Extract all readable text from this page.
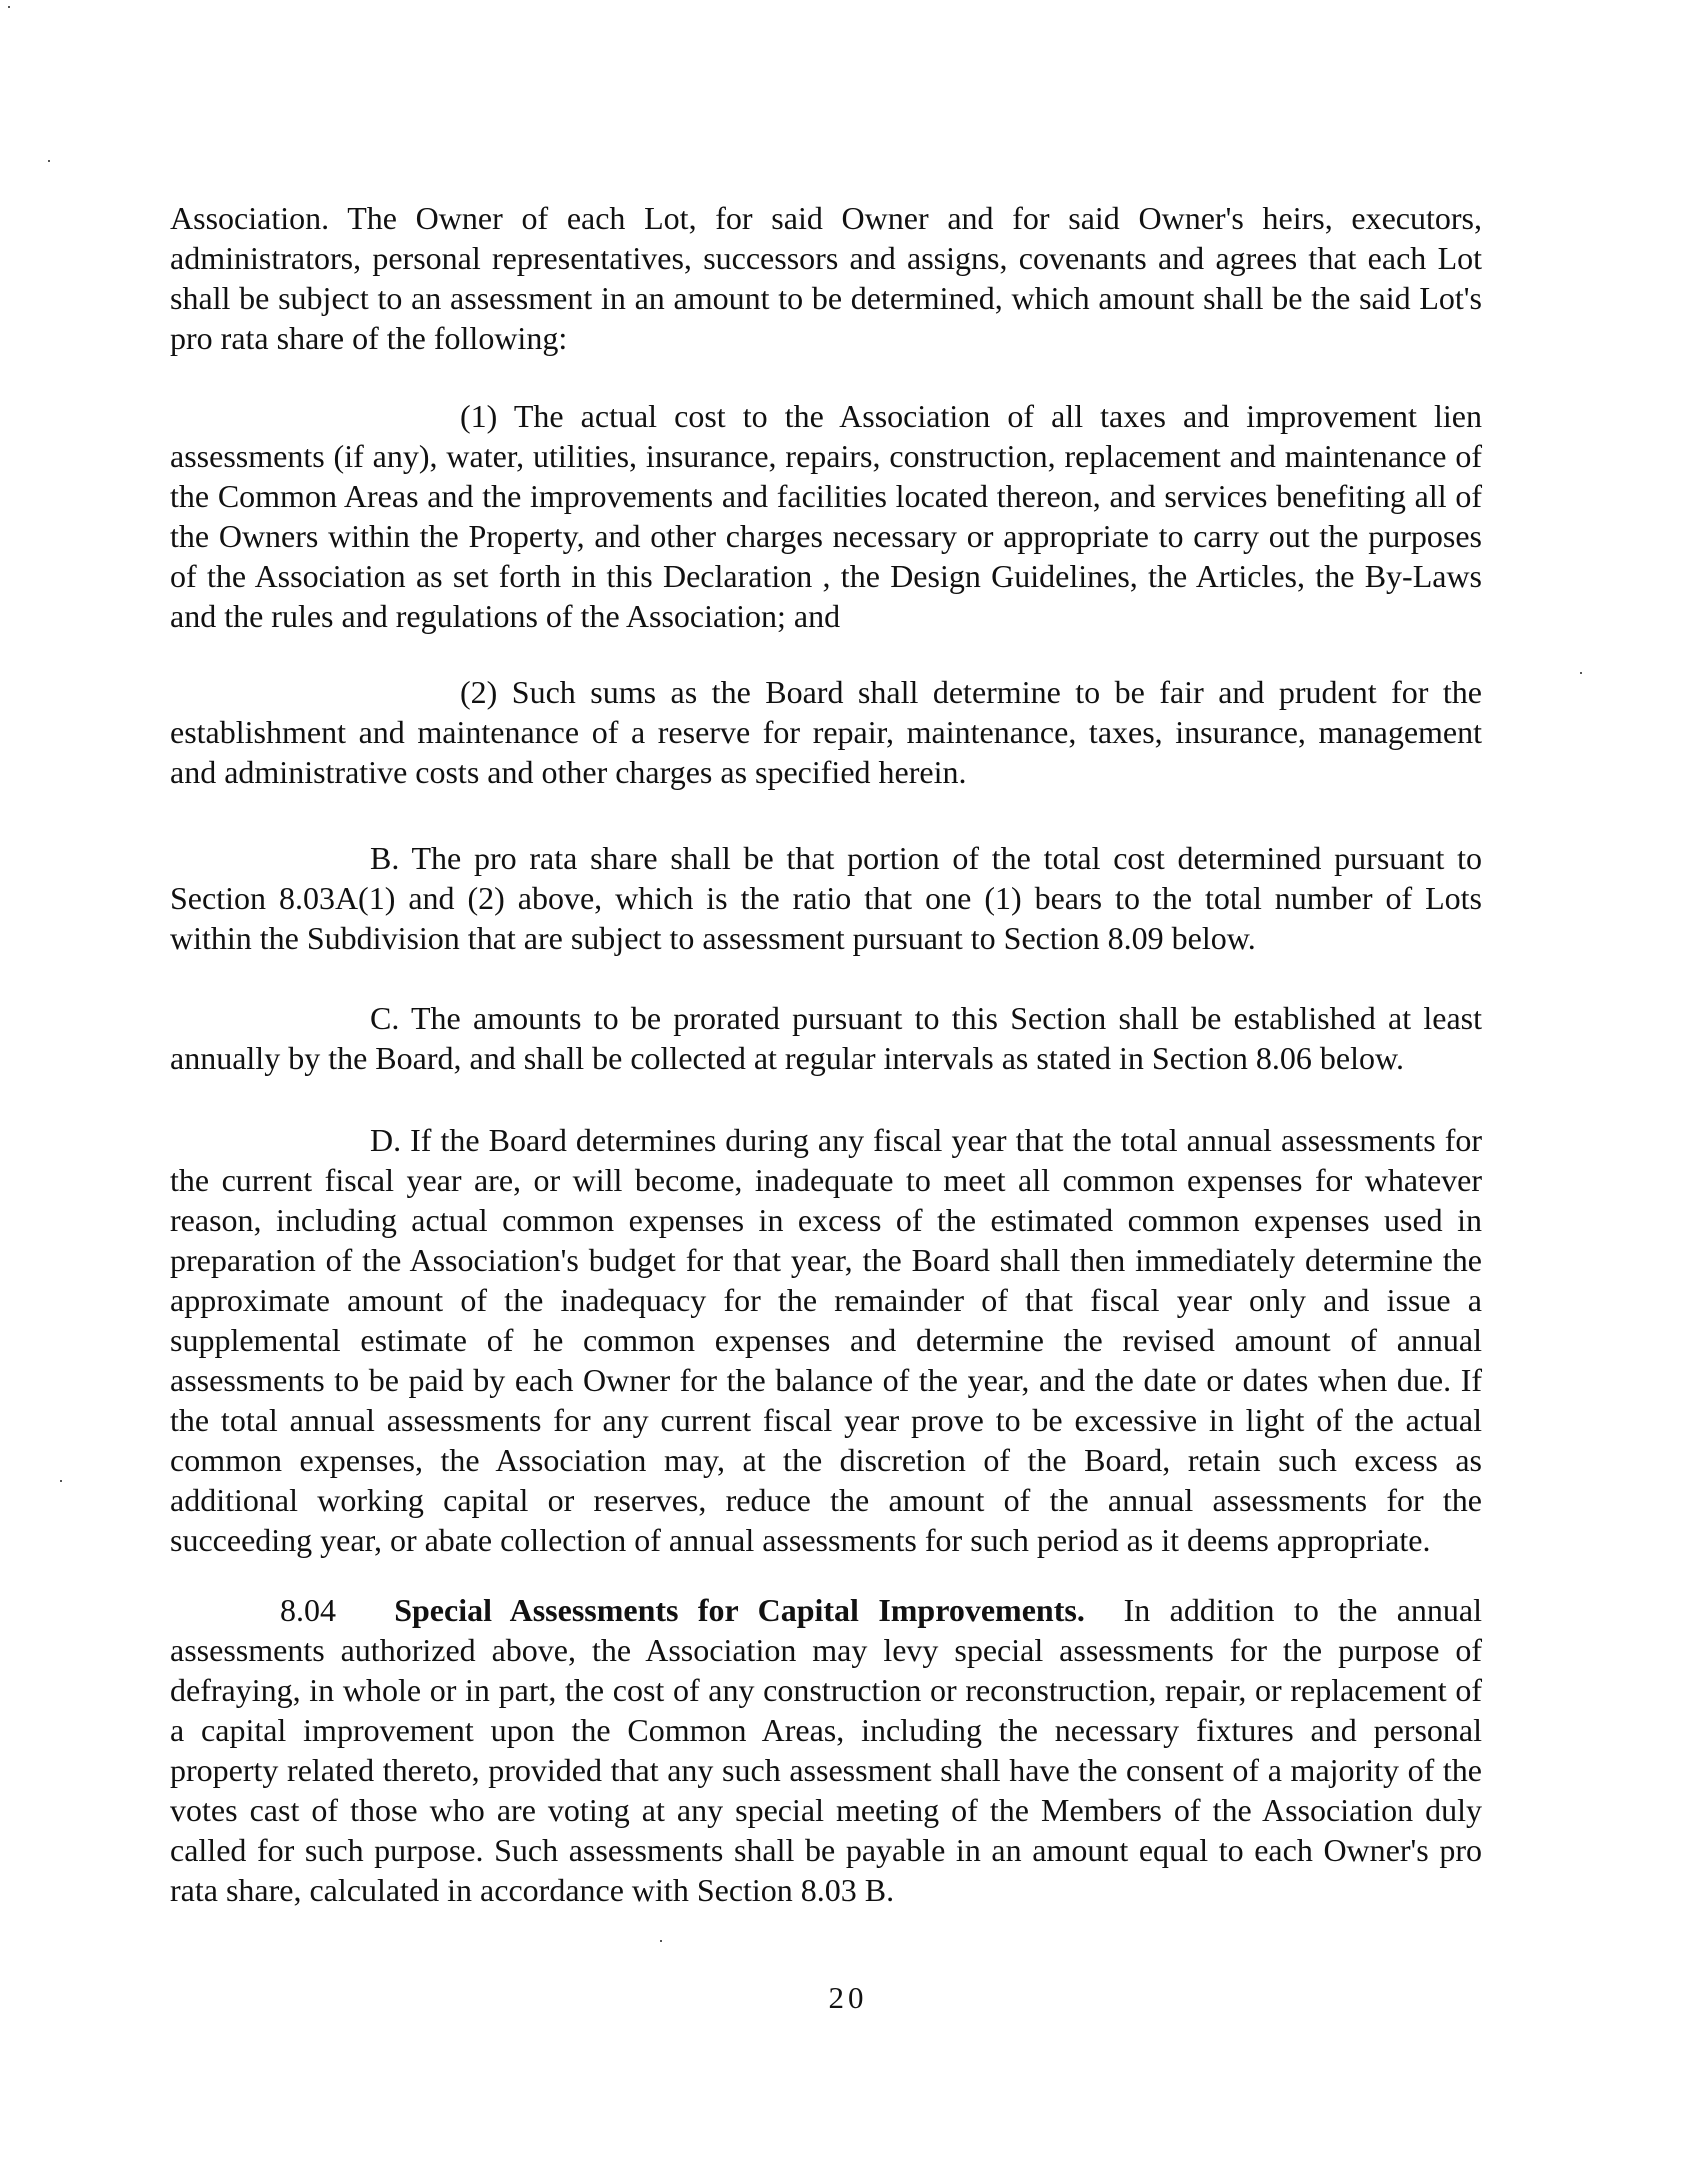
Association. The Owner of each Lot, for said Owner and for said Owner's heirs, executors, administrators, personal representatives, successors and assigns, covenants and agrees that each Lot shall be subject to an assessment in an amount to be determined, which amount shall be the said Lot's pro rata share of the following:

(1) The actual cost to the Association of all taxes and improvement lien assessments (if any), water, utilities, insurance, repairs, construction, replacement and maintenance of the Common Areas and the improvements and facilities located thereon, and services benefiting all of the Owners within the Property, and other charges necessary or appropriate to carry out the purposes of the Association as set forth in this Declaration , the Design Guidelines, the Articles, the By-Laws and the rules and regulations of the Association; and

(2) Such sums as the Board shall determine to be fair and prudent for the establishment and maintenance of a reserve for repair, maintenance, taxes, insurance, management and administrative costs and other charges as specified herein.

B. The pro rata share shall be that portion of the total cost determined pursuant to Section 8.03A(1) and (2) above, which is the ratio that one (1) bears to the total number of Lots within the Subdivision that are subject to assessment pursuant to Section 8.09 below.

C. The amounts to be prorated pursuant to this Section shall be established at least annually by the Board, and shall be collected at regular intervals as stated in Section 8.06 below.

D. If the Board determines during any fiscal year that the total annual assessments for the current fiscal year are, or will become, inadequate to meet all common expenses for whatever reason, including actual common expenses in excess of the estimated common expenses used in preparation of the Association's budget for that year, the Board shall then immediately determine the approximate amount of the inadequacy for the remainder of that fiscal year only and issue a supplemental estimate of he common expenses and determine the revised amount of annual assessments to be paid by each Owner for the balance of the year, and the date or dates when due. If the total annual assessments for any current fiscal year prove to be excessive in light of the actual common expenses, the Association may, at the discretion of the Board, retain such excess as additional working capital or reserves, reduce the amount of the annual assessments for the succeeding year, or abate collection of annual assessments for such period as it deems appropriate.

8.04 Special Assessments for Capital Improvements. In addition to the annual assessments authorized above, the Association may levy special assessments for the purpose of defraying, in whole or in part, the cost of any construction or reconstruction, repair, or replacement of a capital improvement upon the Common Areas, including the necessary fixtures and personal property related thereto, provided that any such assessment shall have the consent of a majority of the votes cast of those who are voting at any special meeting of the Members of the Association duly called for such purpose. Such assessments shall be payable in an amount equal to each Owner's pro rata share, calculated in accordance with Section 8.03 B.

20
